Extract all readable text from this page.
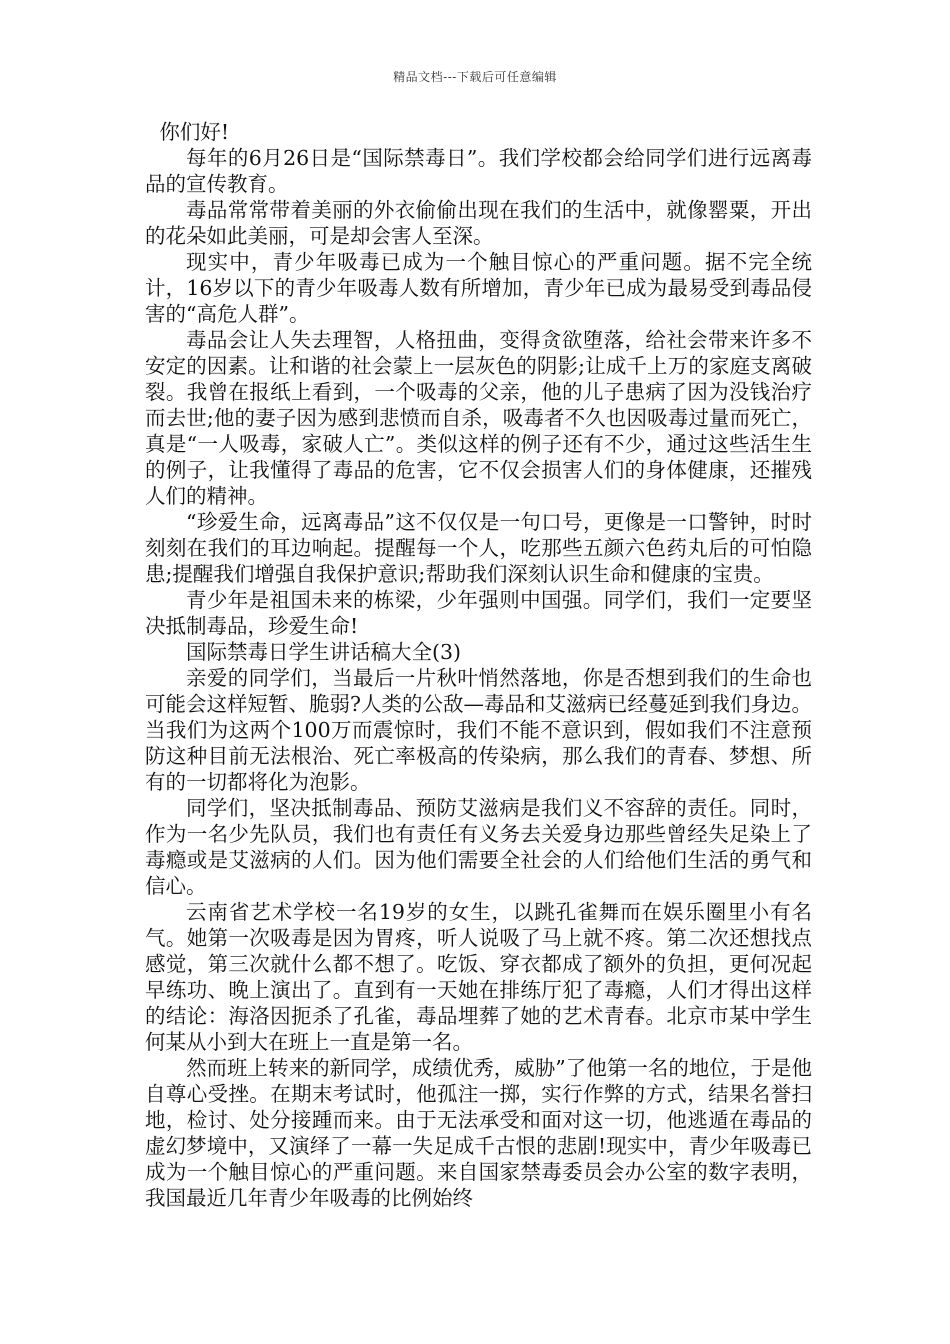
精品文档---下载后可任意编辑

你们好!

每年的6月26日是“国际禁毒日”。我们学校都会给同学们进行远离毒品的宣传教育。

毒品常常带着美丽的外衣偷偷出现在我们的生活中，就像罂粟，开出的花朵如此美丽，可是却会害人至深。

现实中，青少年吸毒已成为一个触目惊心的严重问题。据不完全统计，16岁以下的青少年吸毒人数有所增加，青少年已成为最易受到毒品侵害的“高危人群”。

毒品会让人失去理智，人格扭曲，变得贪欲堕落，给社会带来许多不安定的因素。让和谐的社会蒙上一层灰色的阴影;让成千上万的家庭支离破裂。我曾在报纸上看到，一个吸毒的父亲，他的儿子患病了因为没钱治疗而去世;他的妻子因为感到悲愤而自杀，吸毒者不久也因吸毒过量而死亡，真是“一人吸毒，家破人亡”。类似这样的例子还有不少，通过这些活生生的例子，让我懂得了毒品的危害，它不仅会损害人们的身体健康，还摧残人们的精神。

“珍爱生命，远离毒品”这不仅仅是一句口号，更像是一口警钟，时时刻刻在我们的耳边响起。提醒每一个人，吃那些五颜六色药丸后的可怕隐患;提醒我们增强自我保护意识;帮助我们深刻认识生命和健康的宝贵。

青少年是祖国未来的栋梁，少年强则中国强。同学们，我们一定要坚决抵制毒品，珍爱生命!

国际禁毒日学生讲话稿大全(3)

亲爱的同学们，当最后一片秋叶悄然落地，你是否想到我们的生命也可能会这样短暂、脆弱?人类的公敌—毒品和艾滋病已经蔓延到我们身边。当我们为这两个100万而震惊时，我们不能不意识到，假如我们不注意预防这种目前无法根治、死亡率极高的传染病，那么我们的青春、梦想、所有的一切都将化为泡影。

同学们，坚决抵制毒品、预防艾滋病是我们义不容辞的责任。同时，作为一名少先队员，我们也有责任有义务去关爱身边那些曾经失足染上了毒瘾或是艾滋病的人们。因为他们需要全社会的人们给他们生活的勇气和信心。

云南省艺术学校一名19岁的女生，以跳孔雀舞而在娱乐圈里小有名气。她第一次吸毒是因为胃疼，听人说吸了马上就不疼。第二次还想找点感觉，第三次就什么都不想了。吃饭、穿衣都成了额外的负担，更何况起早练功、晚上演出了。直到有一天她在排练厅犯了毒瘾，人们才得出这样的结论：海洛因扼杀了孔雀，毒品埋葬了她的艺术青春。北京市某中学生何某从小到大在班上一直是第一名。

然而班上转来的新同学，成绩优秀，威胁”了他第一名的地位，于是他自尊心受挫。在期末考试时，他孤注一掷，实行作弊的方式，结果名誉扫地，检讨、处分接踵而来。由于无法承受和面对这一切，他逃遁在毒品的虚幻梦境中，又演绎了一幕一失足成千古恨的悲剧!现实中，青少年吸毒已成为一个触目惊心的严重问题。来自国家禁毒委员会办公室的数字表明，我国最近几年青少年吸毒的比例始终
